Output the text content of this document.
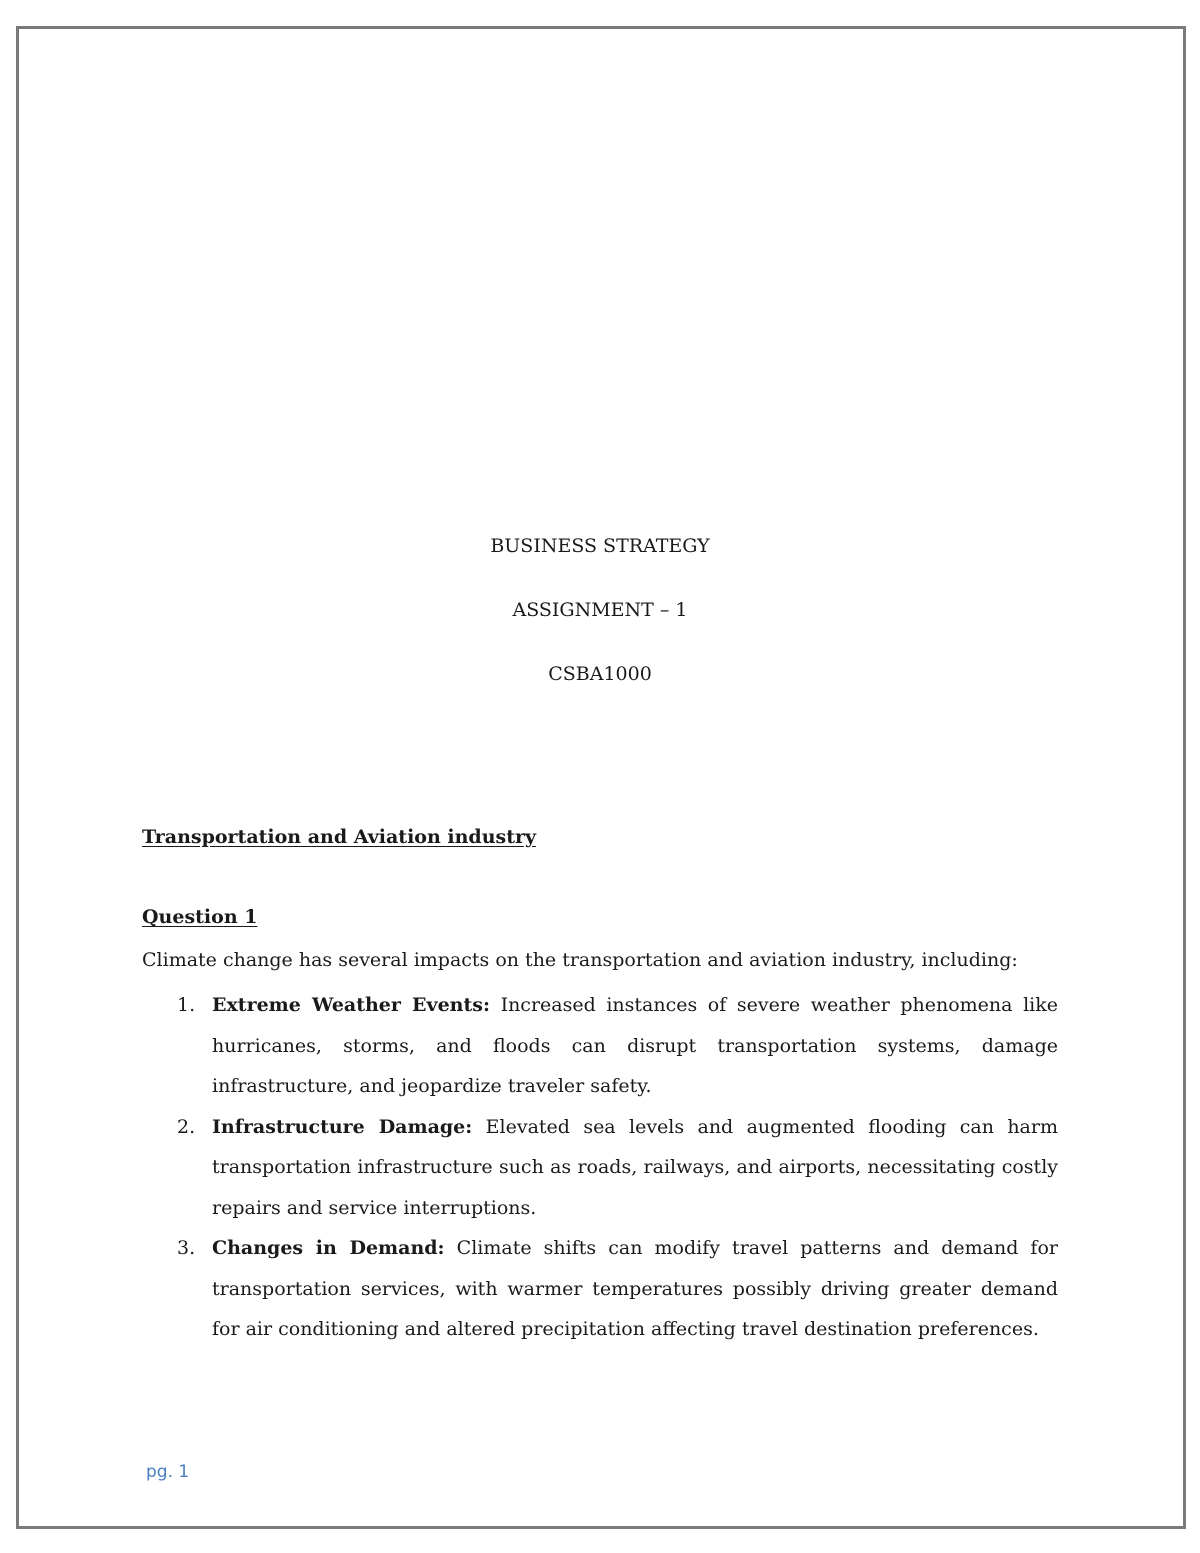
BUSINESS STRATEGY
ASSIGNMENT – 1
CSBA1000
Transportation and Aviation industry
Question 1
Climate change has several impacts on the transportation and aviation industry, including:
1. Extreme Weather Events: Increased instances of severe weather phenomena like hurricanes, storms, and floods can disrupt transportation systems, damage infrastructure, and jeopardize traveler safety.
2. Infrastructure Damage: Elevated sea levels and augmented flooding can harm transportation infrastructure such as roads, railways, and airports, necessitating costly repairs and service interruptions.
3. Changes in Demand: Climate shifts can modify travel patterns and demand for transportation services, with warmer temperatures possibly driving greater demand for air conditioning and altered precipitation affecting travel destination preferences.
pg. 1
